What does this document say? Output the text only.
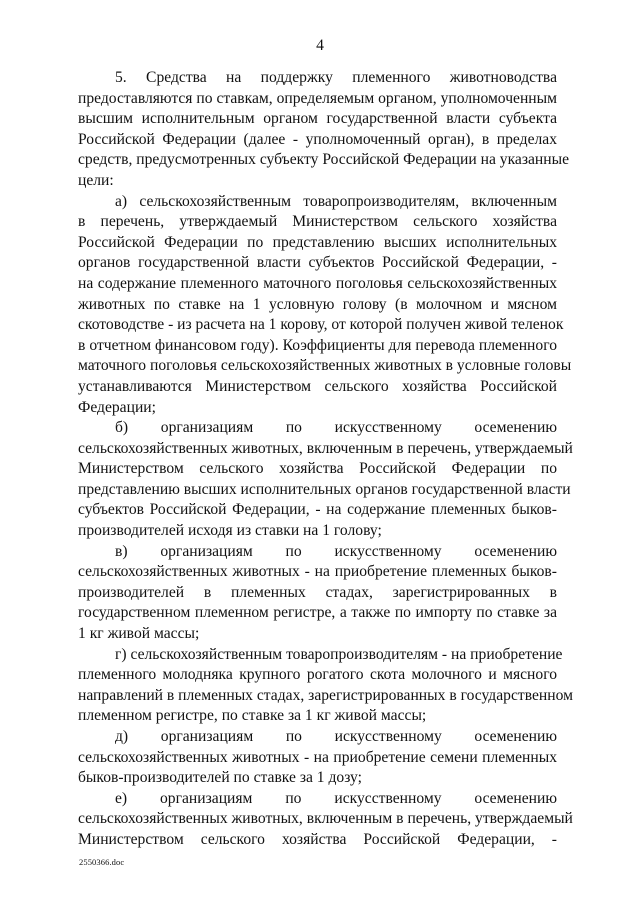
4
5. Средства на поддержку племенного животноводства
предоставляются по ставкам, определяемым органом, уполномоченным
высшим исполнительным органом государственной власти субъекта
Российской Федерации (далее - уполномоченный орган), в пределах
средств, предусмотренных субъекту Российской Федерации на указанные
цели:
а) сельскохозяйственным товаропроизводителям, включенным
в перечень, утверждаемый Министерством сельского хозяйства
Российской Федерации по представлению высших исполнительных
органов государственной власти субъектов Российской Федерации, -
на содержание племенного маточного поголовья сельскохозяйственных
животных по ставке на 1 условную голову (в молочном и мясном
скотоводстве - из расчета на 1 корову, от которой получен живой теленок
в отчетном финансовом году). Коэффициенты для перевода племенного
маточного поголовья сельскохозяйственных животных в условные головы
устанавливаются Министерством сельского хозяйства Российской
Федерации;
б) организациям по искусственному осеменению
сельскохозяйственных животных, включенным в перечень, утверждаемый
Министерством сельского хозяйства Российской Федерации по
представлению высших исполнительных органов государственной власти
субъектов Российской Федерации, - на содержание племенных быков-
производителей исходя из ставки на 1 голову;
в) организациям по искусственному осеменению
сельскохозяйственных животных - на приобретение племенных быков-
производителей в племенных стадах, зарегистрированных в
государственном племенном регистре, а также по импорту по ставке за
1 кг живой массы;
г) сельскохозяйственным товаропроизводителям - на приобретение
племенного молодняка крупного рогатого скота молочного и мясного
направлений в племенных стадах, зарегистрированных в государственном
племенном регистре, по ставке за 1 кг живой массы;
д) организациям по искусственному осеменению
сельскохозяйственных животных - на приобретение семени племенных
быков-производителей по ставке за 1 дозу;
е) организациям по искусственному осеменению
сельскохозяйственных животных, включенным в перечень, утверждаемый
Министерством сельского хозяйства Российской Федерации, -
2550366.doc
